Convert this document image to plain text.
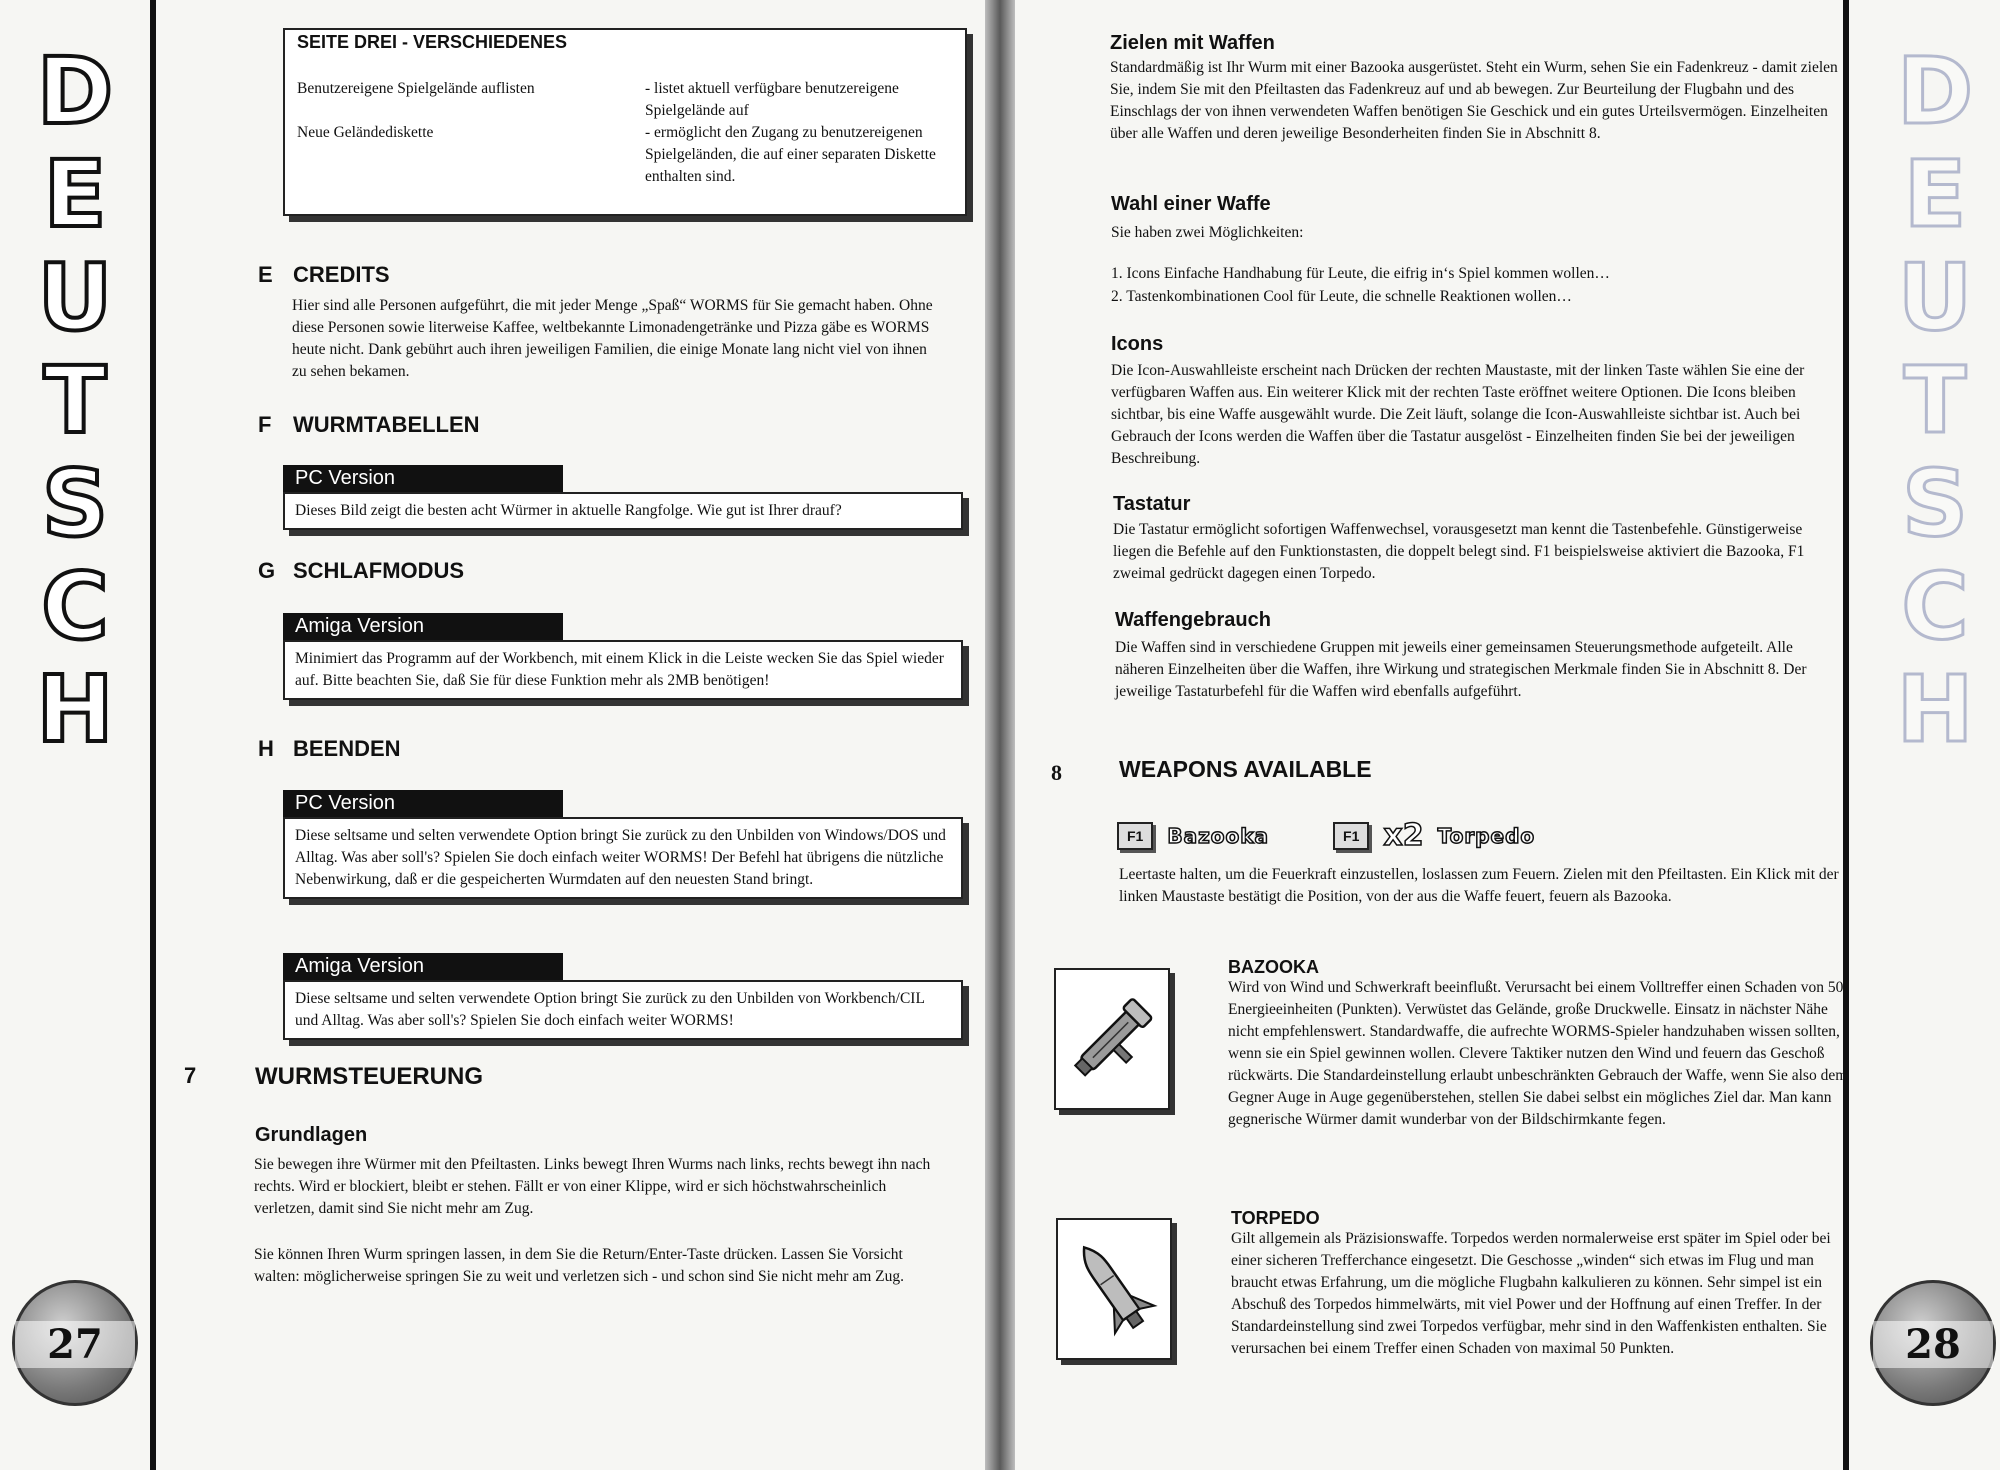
D
E
U
T
S
C
H
27
SEITE DREI - VERSCHIEDENES
Benutzereigene Spielgelände auflisten	- listet aktuell verfügbare benutzereigene Spielgelände auf
Neue Geländediskette	- ermöglicht den Zugang zu benutzereigenen Spielgeländen, die auf einer separaten Diskette enthalten sind.
E CREDITS
Hier sind alle Personen aufgeführt, die mit jeder Menge „Spaß“ WORMS für Sie gemacht haben. Ohne diese Personen sowie literweise Kaffee, weltbekannte Limonadengetränke und Pizza gäbe es WORMS heute nicht. Dank gebührt auch ihren jeweiligen Familien, die einige Monate lang nicht viel von ihnen zu sehen bekamen.
F WURMTABELLEN
PC Version
Dieses Bild zeigt die besten acht Würmer in aktuelle Rangfolge. Wie gut ist Ihrer drauf?
G SCHLAFMODUS
Amiga Version
Minimiert das Programm auf der Workbench, mit einem Klick in die Leiste wecken Sie das Spiel wieder auf. Bitte beachten Sie, daß Sie für diese Funktion mehr als 2MB benötigen!
H BEENDEN
PC Version
Diese seltsame und selten verwendete Option bringt Sie zurück zu den Unbilden von Windows/DOS und Alltag. Was aber soll's? Spielen Sie doch einfach weiter WORMS! Der Befehl hat übrigens die nützliche Nebenwirkung, daß er die gespeicherten Wurmdaten auf den neuesten Stand bringt.
Amiga Version
Diese seltsame und selten verwendete Option bringt Sie zurück zu den Unbilden von Workbench/CIL und Alltag. Was aber soll's? Spielen Sie doch einfach weiter WORMS!
7 WURMSTEUERUNG
Grundlagen
Sie bewegen ihre Würmer mit den Pfeiltasten. Links bewegt Ihren Wurms nach links, rechts bewegt ihn nach rechts. Wird er blockiert, bleibt er stehen. Fällt er von einer Klippe, wird er sich höchstwahrscheinlich verletzen, damit sind Sie nicht mehr am Zug.
Sie können Ihren Wurm springen lassen, in dem Sie die Return/Enter-Taste drücken. Lassen Sie Vorsicht walten: möglicherweise springen Sie zu weit und verletzen sich - und schon sind Sie nicht mehr am Zug.
28
Zielen mit Waffen
Standardmäßig ist Ihr Wurm mit einer Bazooka ausgerüstet. Steht ein Wurm, sehen Sie ein Fadenkreuz - damit zielen Sie, indem Sie mit den Pfeiltasten das Fadenkreuz auf und ab bewegen. Zur Beurteilung der Flugbahn und des Einschlags der von ihnen verwendeten Waffen benötigen Sie Geschick und ein gutes Urteilsvermögen. Einzelheiten über alle Waffen und deren jeweilige Besonderheiten finden Sie in Abschnitt 8.
Wahl einer Waffe
Sie haben zwei Möglichkeiten:
1. Icons Einfache Handhabung für Leute, die eifrig in‘s Spiel kommen wollen…
2. Tastenkombinationen Cool für Leute, die schnelle Reaktionen wollen…
Icons
Die Icon-Auswahlleiste erscheint nach Drücken der rechten Maustaste, mit der linken Taste wählen Sie eine der verfügbaren Waffen aus. Ein weiterer Klick mit der rechten Taste eröffnet weitere Optionen. Die Icons bleiben sichtbar, bis eine Waffe ausgewählt wurde. Die Zeit läuft, solange die Icon-Auswahlleiste sichtbar ist. Auch bei Gebrauch der Icons werden die Waffen über die Tastatur ausgelöst - Einzelheiten finden Sie bei der jeweiligen Beschreibung.
Tastatur
Die Tastatur ermöglicht sofortigen Waffenwechsel, vorausgesetzt man kennt die Tastenbefehle. Günstigerweise liegen die Befehle auf den Funktionstasten, die doppelt belegt sind. F1 beispielsweise aktiviert die Bazooka, F1 zweimal gedrückt dagegen einen Torpedo.
Waffengebrauch
Die Waffen sind in verschiedene Gruppen mit jeweils einer gemeinsamen Steuerungsmethode aufgeteilt. Alle näheren Einzelheiten über die Waffen, ihre Wirkung und strategischen Merkmale finden Sie in Abschnitt 8. Der jeweilige Tastaturbefehl für die Waffen wird ebenfalls aufgeführt.
8 WEAPONS AVAILABLE
F1	Bazooka	F1 x2 Torpedo
Leertaste halten, um die Feuerkraft einzustellen, loslassen zum Feuern. Zielen mit den Pfeiltasten. Ein Klick mit der linken Maustaste bestätigt die Position, von der aus die Waffe feuert, feuern als Bazooka.
BAZOOKA
Wird von Wind und Schwerkraft beeinflußt. Verursacht bei einem Volltreffer einen Schaden von 50 Energieeinheiten (Punkten). Verwüstet das Gelände, große Druckwelle. Einsatz in nächster Nähe nicht empfehlenswert. Standardwaffe, die aufrechte WORMS-Spieler handzuhaben wissen sollten, wenn sie ein Spiel gewinnen wollen. Clevere Taktiker nutzen den Wind und feuern das Geschoß rückwärts. Die Standardeinstellung erlaubt unbeschränkten Gebrauch der Waffe, wenn Sie also dem Gegner Auge in Auge gegenüberstehen, stellen Sie dabei selbst ein mögliches Ziel dar. Man kann gegnerische Würmer damit wunderbar von der Bildschirmkante fegen.
TORPEDO
Gilt allgemein als Präzisionswaffe. Torpedos werden normalerweise erst später im Spiel oder bei einer sicheren Trefferchance eingesetzt. Die Geschosse „winden“ sich etwas im Flug und man braucht etwas Erfahrung, um die mögliche Flugbahn kalkulieren zu können. Sehr simpel ist ein Abschuß des Torpedos himmelwärts, mit viel Power und der Hoffnung auf einen Treffer. In der Standardeinstellung sind zwei Torpedos verfügbar, mehr sind in den Waffenkisten enthalten. Sie verursachen bei einem Treffer einen Schaden von maximal 50 Punkten.
D
E
U
T
S
C
H
